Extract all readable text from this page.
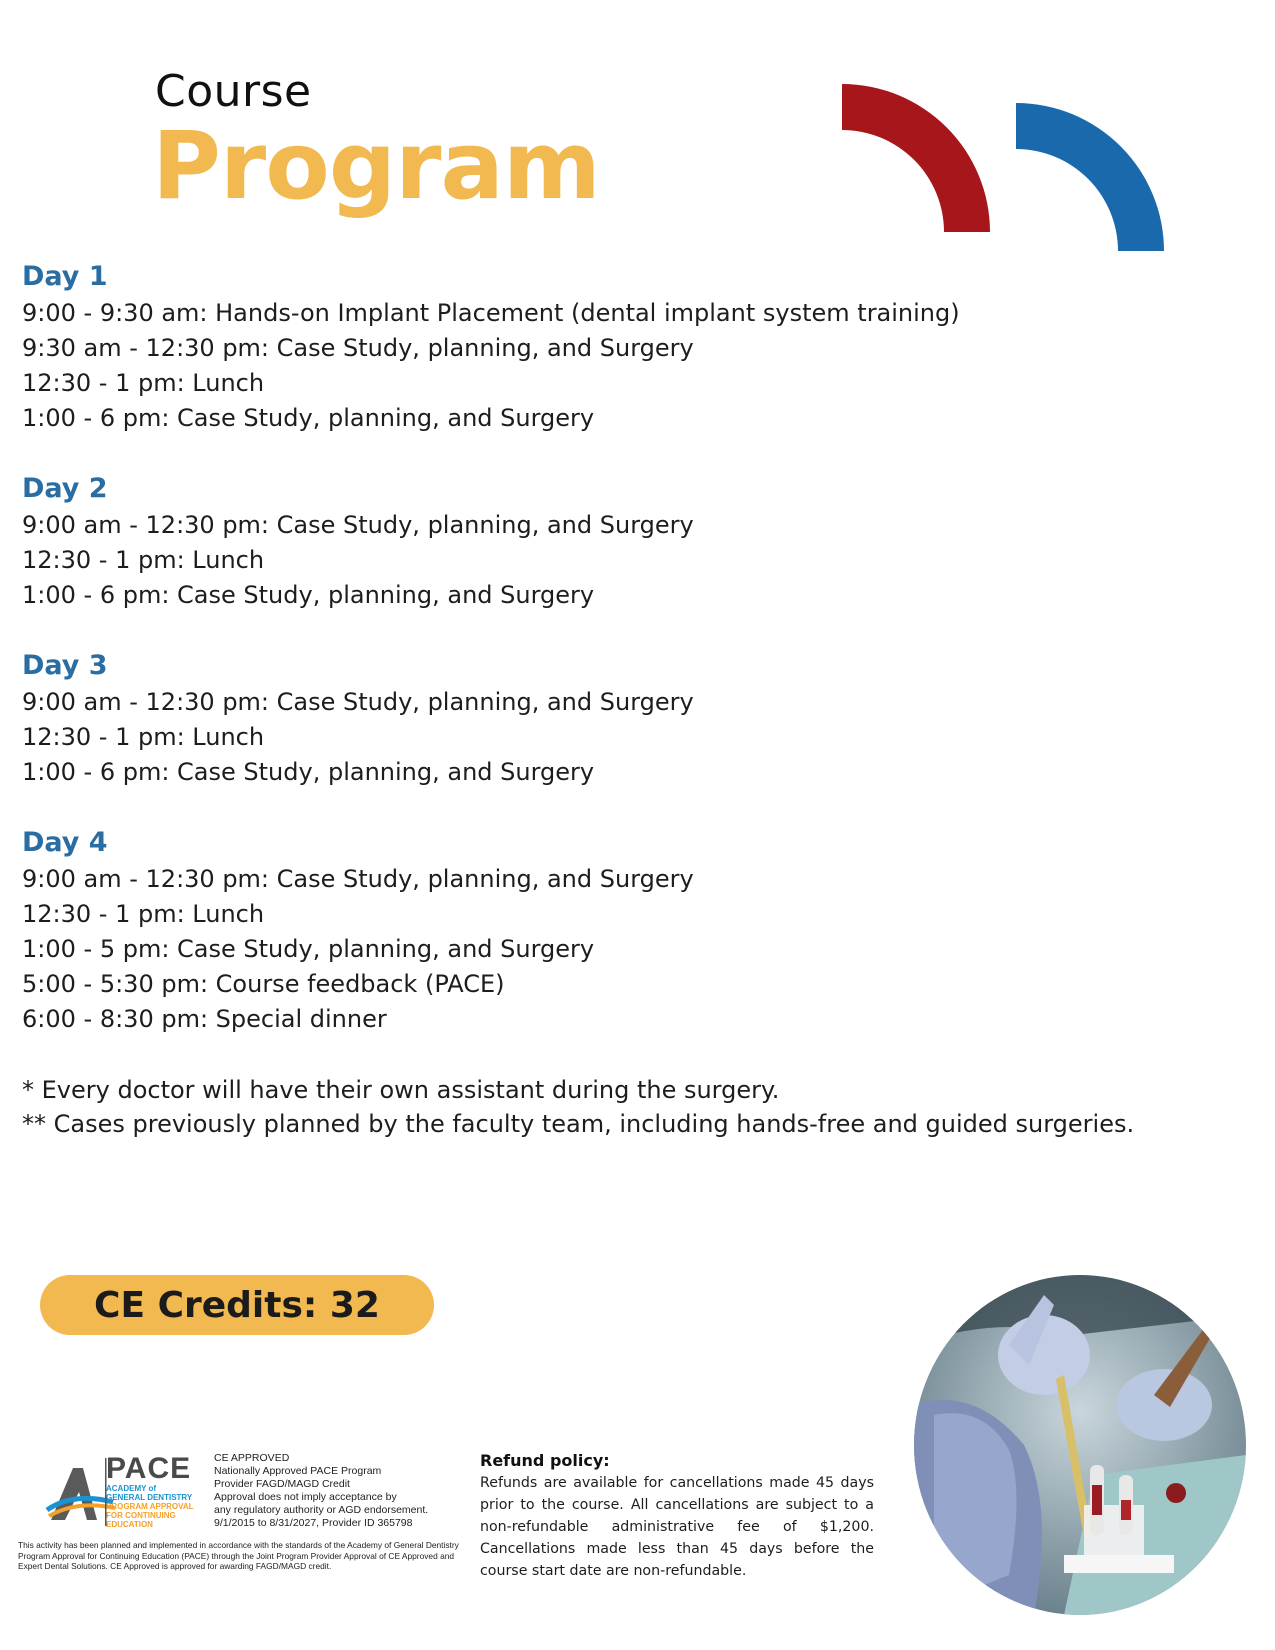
Course
Program
Day 1
9:00 - 9:30 am: Hands-on Implant Placement (dental implant system training)
9:30 am - 12:30 pm: Case Study, planning, and Surgery
12:30 - 1 pm: Lunch
1:00 - 6 pm: Case Study, planning, and Surgery
Day 2
9:00 am - 12:30 pm: Case Study, planning, and Surgery
12:30 - 1 pm: Lunch
1:00 - 6 pm: Case Study, planning, and Surgery
Day 3
9:00 am - 12:30 pm: Case Study, planning, and Surgery
12:30 - 1 pm: Lunch
1:00 - 6 pm: Case Study, planning, and Surgery
Day 4
9:00 am - 12:30 pm: Case Study, planning, and Surgery
12:30 - 1 pm: Lunch
1:00 - 5 pm: Case Study, planning, and Surgery
5:00 - 5:30 pm: Course feedback (PACE)
6:00 - 8:30 pm: Special dinner
* Every doctor will have their own assistant during the surgery.
** Cases previously planned by the faculty team, including hands-free and guided surgeries.
CE Credits: 32
PACE
ACADEMY of
GENERAL DENTISTRY
PROGRAM APPROVAL
FOR CONTINUING
EDUCATION
CE APPROVED
Nationally Approved PACE Program
Provider FAGD/MAGD Credit
Approval does not imply acceptance by
any regulatory authority or AGD endorsement.
9/1/2015 to 8/31/2027, Provider ID 365798
This activity has been planned and implemented in accordance with the standards of the Academy of General Dentistry Program Approval for Continuing Education (PACE) through the Joint Program Provider Approval of CE Approved and Expert Dental Solutions. CE Approved is approved for awarding FAGD/MAGD credit.
Refund policy:
Refunds are available for cancellations made 45 days prior to the course. All cancellations are subject to a non-refundable administrative fee of $1,200. Cancellations made less than 45 days before the course start date are non-refundable.
